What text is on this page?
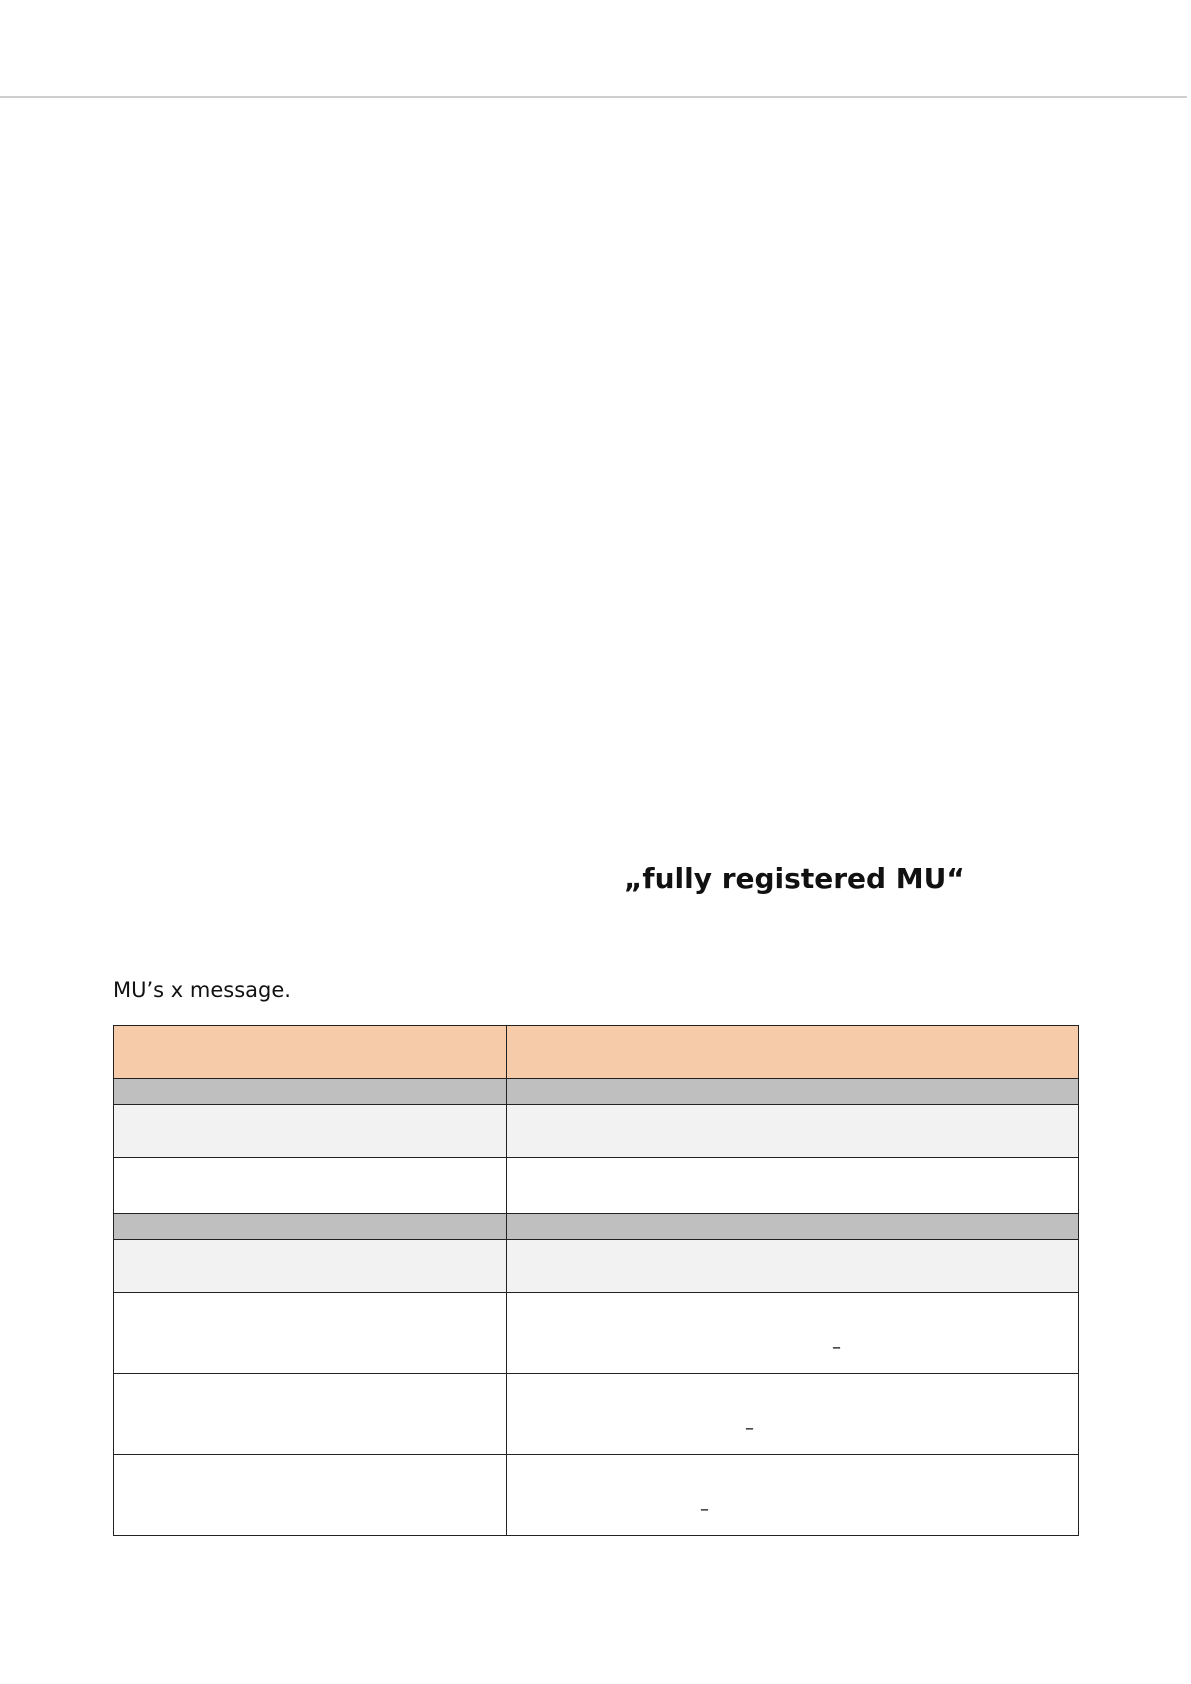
„fully registered MU“
MU’s x message.

	–

	–

	–
